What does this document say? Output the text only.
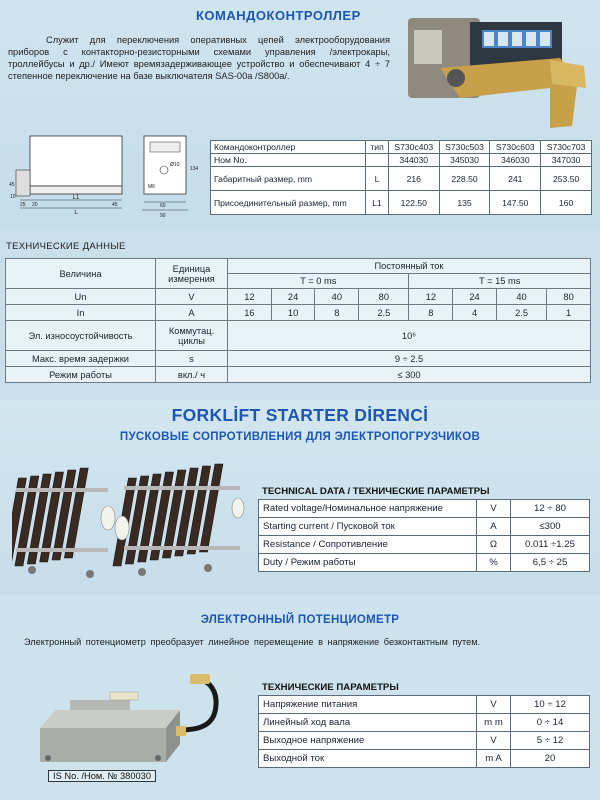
КОМАНДОКОНТРОЛЛЕР

Служит для переключения оперативных цепей электрооборудования приборов с контакторно-резисторными схемами управления /электрокары, троллейбусы и др./ Имеют времязадерживающее устройство и обеспечивают 4 ÷ 7 степенное переключение на базе выключателя SAS-00a /S800a/.

L1
L
45
25 20	45
10
134
Ø10
M6
60
90
Командоконтроллер	тип	S730c403	S730c503	S730c603	S730c703
Ном No.		344030	345030	346030	347030
Габаритный размер, mm	L	216	228.50	241	253.50
Присоединительный размер, mm	L1	122.50	135	147.50	160
ТЕХНИЧЕСКИЕ ДАННЫЕ
Величина	Единица измерения	Постоянный ток							
		T = 0 ms				T = 15 ms			
Un	V	12	24	40	80	12	24	40	80
In	A	16	10	8	2.5	8	4	2.5	1
Эл. износоустойчивость	Коммутац. циклы	10⁶							
Макс. время задержки	s	9 ÷ 2.5							
Режим работы	вкл./ ч	≤ 300							
FORKLİFT STARTER DİRENCİ
ПУСКОВЫЕ СОПРОТИВЛЕНИЯ ДЛЯ ЭЛЕКТРОПОГРУЗЧИКОВ
TECHNICAL DATA / ТЕХНИЧЕСКИЕ ПАРАМЕТРЫ
Rated voltage/Номинальное напряжение	V	12 ÷ 80
Starting current / Пусковой ток	A	≤300
Resistance / Сопротивление	Ω	0.011 ÷1.25
Duty / Режим работы	%	6,5 ÷ 25
ЭЛЕКТРОННЫЙ ПОТЕНЦИОМЕТР
Электронный потенциометр преобразует линейное перемещение в напряжение безконтактным путем.
IS No. /Ном. № 380030
ТЕХНИЧЕСКИЕ ПАРАМЕТРЫ
Напряжение питания	V	10 ÷ 12
Линейный ход вала	m m	0 ÷ 14
Выходное напряжение	V	5 ÷ 12
Выходной ток	m A	20
